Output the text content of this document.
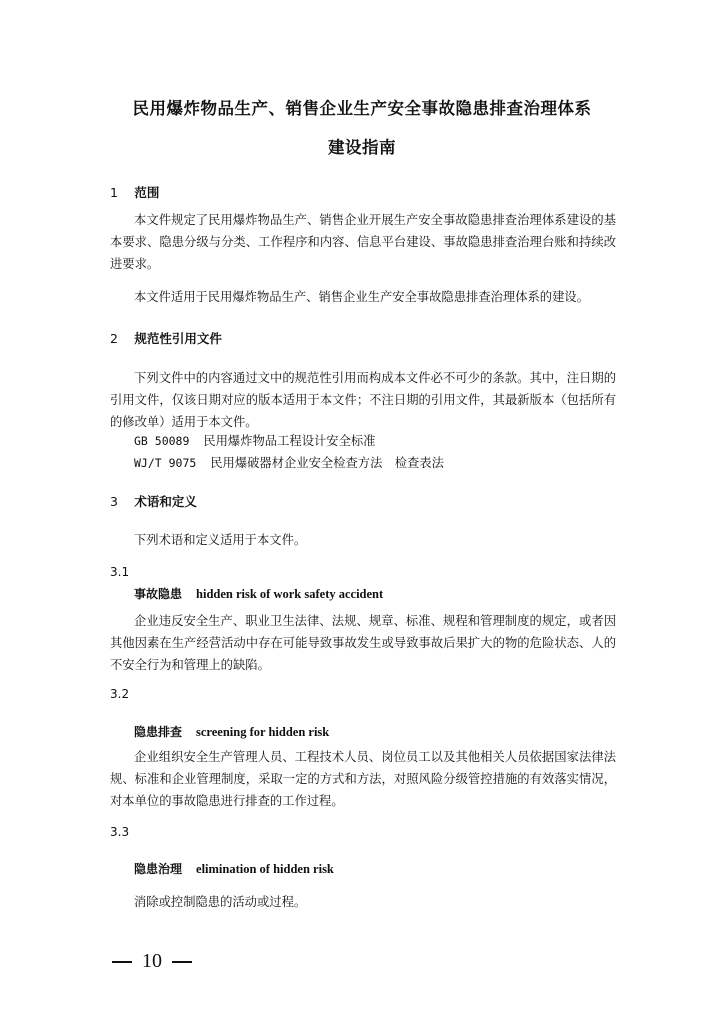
民用爆炸物品生产、销售企业生产安全事故隐患排查治理体系
建设指南
1 范围
本文件规定了民用爆炸物品生产、销售企业开展生产安全事故隐患排查治理体系建设的基本要求、隐患分级与分类、工作程序和内容、信息平台建设、事故隐患排查治理台账和持续改进要求。
本文件适用于民用爆炸物品生产、销售企业生产安全事故隐患排查治理体系的建设。
2 规范性引用文件
下列文件中的内容通过文中的规范性引用而构成本文件必不可少的条款。其中，注日期的引用文件，仅该日期对应的版本适用于本文件；不注日期的引用文件，其最新版本（包括所有的修改单）适用于本文件。
GB 50089 民用爆炸物品工程设计安全标准
WJ/T 9075 民用爆破器材企业安全检查方法　检查表法
3 术语和定义
下列术语和定义适用于本文件。
3.1
事故隐患 hidden risk of work safety accident
企业违反安全生产、职业卫生法律、法规、规章、标准、规程和管理制度的规定，或者因其他因素在生产经营活动中存在可能导致事故发生或导致事故后果扩大的物的危险状态、人的不安全行为和管理上的缺陷。
3.2
隐患排查 screening for hidden risk
企业组织安全生产管理人员、工程技术人员、岗位员工以及其他相关人员依据国家法律法规、标准和企业管理制度，采取一定的方式和方法，对照风险分级管控措施的有效落实情况，对本单位的事故隐患进行排查的工作过程。
3.3
隐患治理 elimination of hidden risk
消除或控制隐患的活动或过程。
10
